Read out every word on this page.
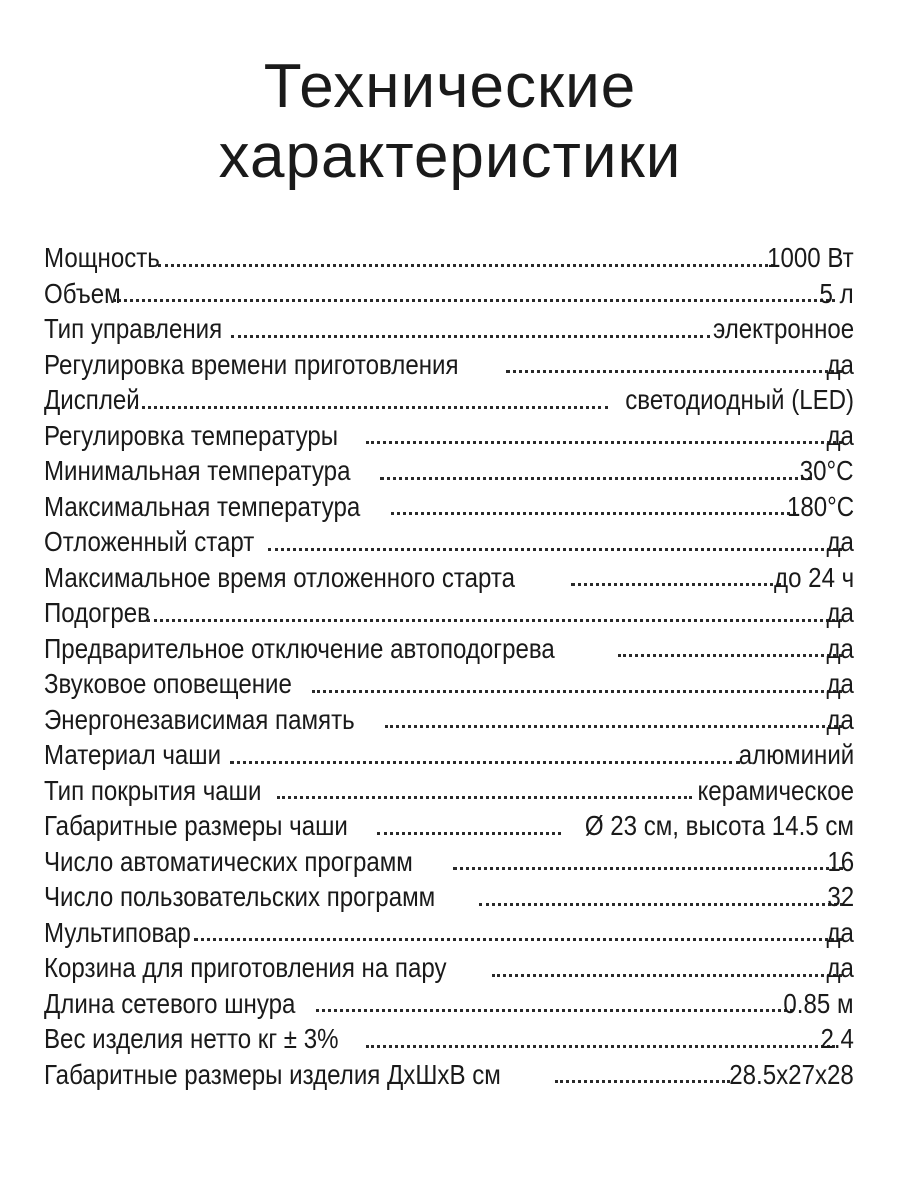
Технические
характеристики
Мощность	1000 Вт
Объем	5 л
Тип управления	электронное
Регулировка времени приготовления	да
Дисплей	светодиодный (LED)
Регулировка температуры	да
Минимальная температура	30°C
Максимальная температура	180°C
Отложенный старт	да
Максимальное время отложенного старта	до 24 ч
Подогрев	да
Предварительное отключение автоподогрева	да
Звуковое оповещение	да
Энергонезависимая память	да
Материал чаши	алюминий
Тип покрытия чаши	керамическое
Габаритные размеры чаши	Ø 23 см, высота 14.5 см
Число автоматических программ	16
Число пользовательских программ	32
Мультиповар	да
Корзина для приготовления на пару	да
Длина сетевого шнура	0.85 м
Вес изделия нетто кг ± 3%	2.4
Габаритные размеры изделия ДхШхВ см	28.5x27x28
